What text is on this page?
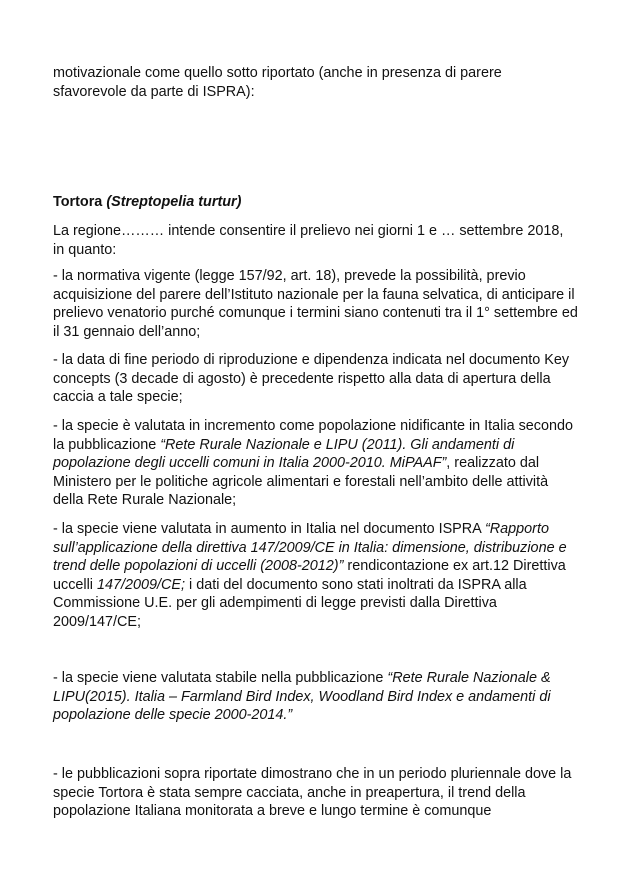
motivazionale come quello sotto riportato (anche in presenza di parere sfavorevole da parte di ISPRA):

Tortora (Streptopelia turtur)

La regione……… intende consentire il prelievo nei giorni 1 e … settembre 2018, in quanto:

- la normativa vigente (legge 157/92, art. 18), prevede la possibilità, previo acquisizione del parere dell’Istituto nazionale per la fauna selvatica, di anticipare il prelievo venatorio purché comunque i termini siano contenuti tra il 1° settembre ed il 31 gennaio dell’anno;

- la data di fine periodo di riproduzione e dipendenza indicata nel documento Key concepts (3 decade di agosto) è precedente rispetto alla data di apertura della caccia a tale specie;

- la specie è valutata in incremento come popolazione nidificante in Italia secondo la pubblicazione “Rete Rurale Nazionale e LIPU (2011). Gli andamenti di popolazione degli uccelli comuni in Italia 2000-2010. MiPAAF”, realizzato dal Ministero per le politiche agricole alimentari e forestali nell’ambito delle attività della Rete Rurale Nazionale;

- la specie viene valutata in aumento in Italia nel documento ISPRA “Rapporto sull’applicazione della direttiva 147/2009/CE in Italia: dimensione, distribuzione e trend delle popolazioni di uccelli (2008-2012)” rendicontazione ex art.12 Direttiva uccelli 147/2009/CE; i dati del documento sono stati inoltrati da ISPRA alla Commissione U.E. per gli adempimenti di legge previsti dalla Direttiva 2009/147/CE;

- la specie viene valutata stabile nella pubblicazione “Rete Rurale Nazionale & LIPU(2015). Italia – Farmland Bird Index, Woodland Bird Index e andamenti di popolazione delle specie 2000-2014.”

- le pubblicazioni sopra riportate dimostrano che in un periodo pluriennale dove la specie Tortora è stata sempre cacciata, anche in preapertura, il trend della popolazione Italiana monitorata a breve e lungo termine è comunque
